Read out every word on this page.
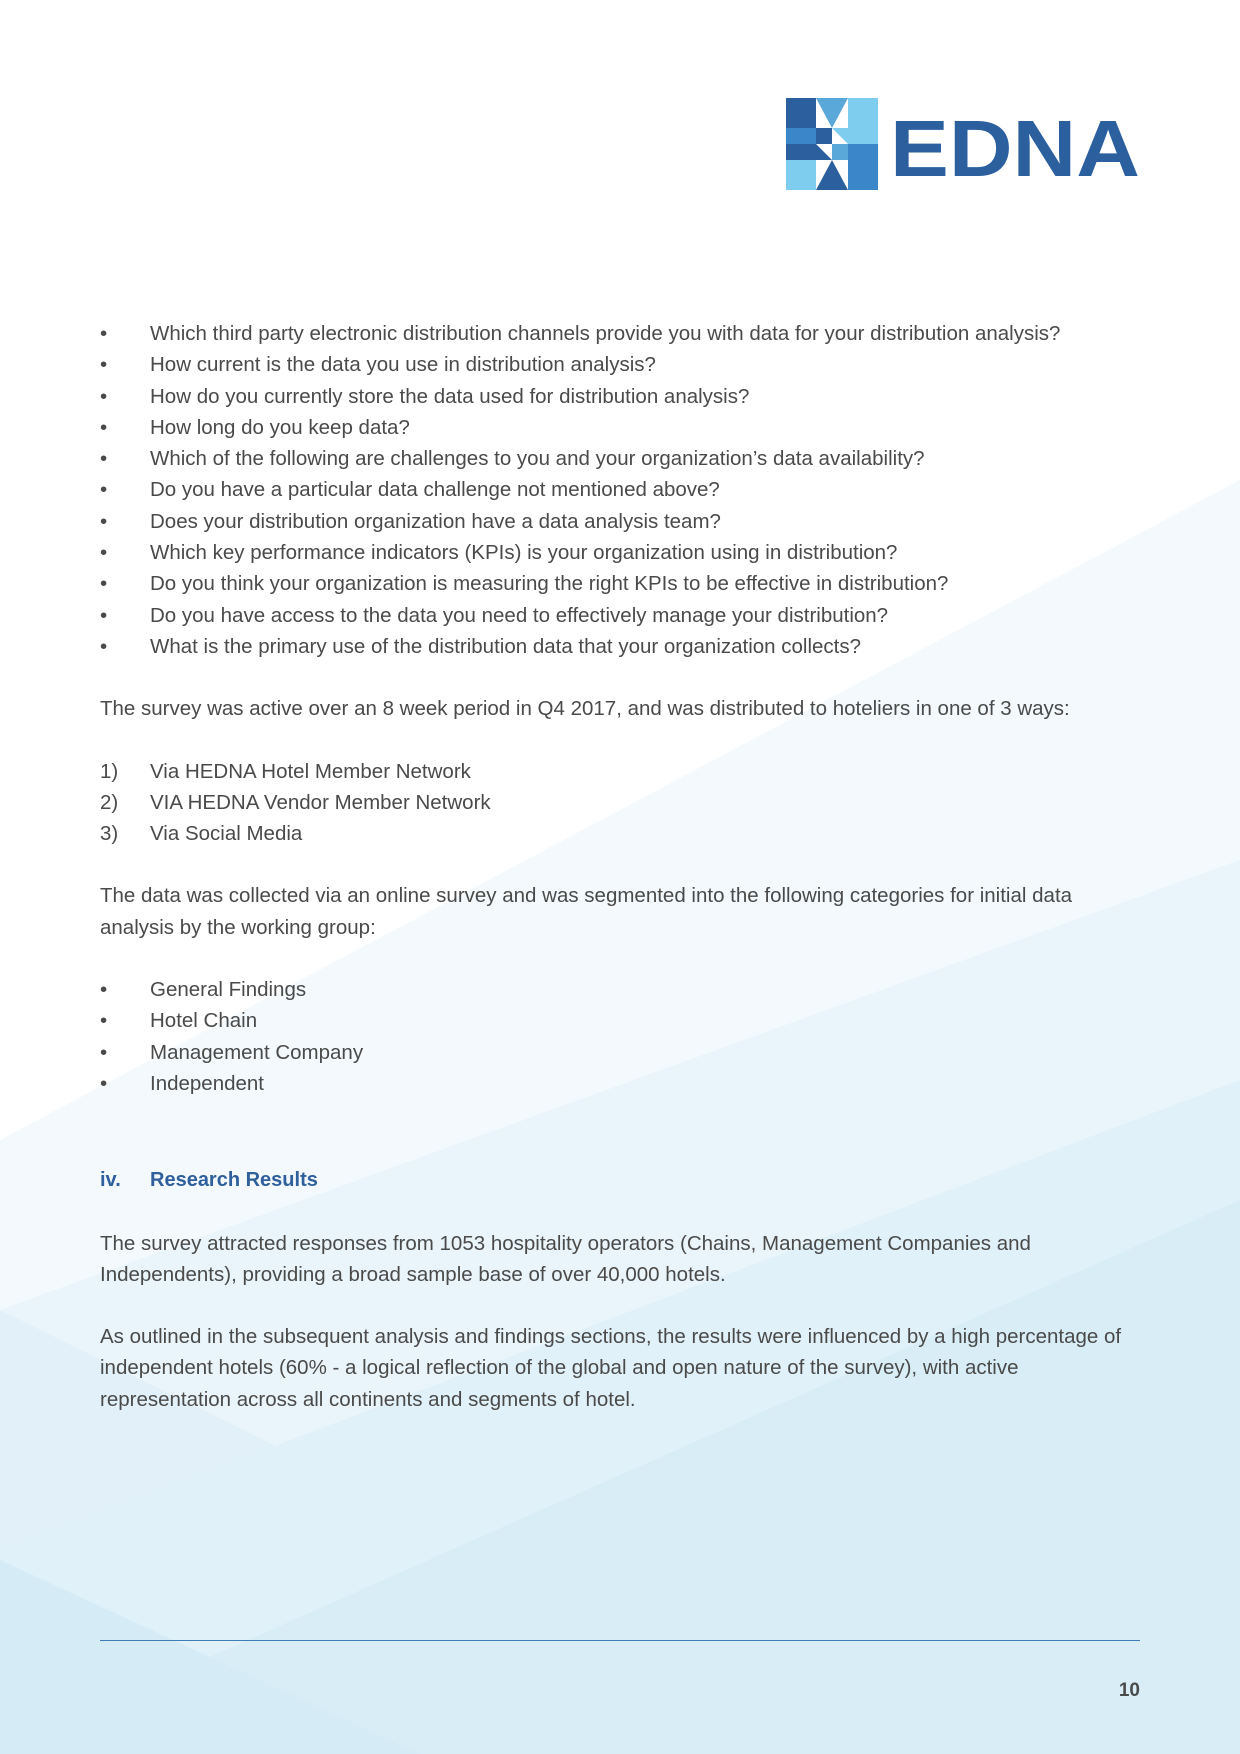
EDNA
•	Which third party electronic distribution channels provide you with data for your distribution analysis?
•	How current is the data you use in distribution analysis?
•	How do you currently store the data used for distribution analysis?
•	How long do you keep data?
•	Which of the following are challenges to you and your organization’s data availability?
•	Do you have a particular data challenge not mentioned above?
•	Does your distribution organization have a data analysis team?
•	Which key performance indicators (KPIs) is your organization using in distribution?
•	Do you think your organization is measuring the right KPIs to be effective in distribution?
•	Do you have access to the data you need to effectively manage your distribution?
•	What is the primary use of the distribution data that your organization collects?

The survey was active over an 8 week period in Q4 2017, and was distributed to hoteliers in one of 3 ways:

1) Via HEDNA Hotel Member Network
2) VIA HEDNA Vendor Member Network
3) Via Social Media

The data was collected via an online survey and was segmented into the following categories for initial data analysis by the working group:

•	General Findings
•	Hotel Chain
•	Management Company
•	Independent
iv. Research Results

The survey attracted responses from 1053 hospitality operators (Chains, Management Companies and Independents), providing a broad sample base of over 40,000 hotels.

As outlined in the subsequent analysis and findings sections, the results were influenced by a high percentage of independent hotels (60% - a logical reflection of the global and open nature of the survey), with active representation across all continents and segments of hotel.

10
